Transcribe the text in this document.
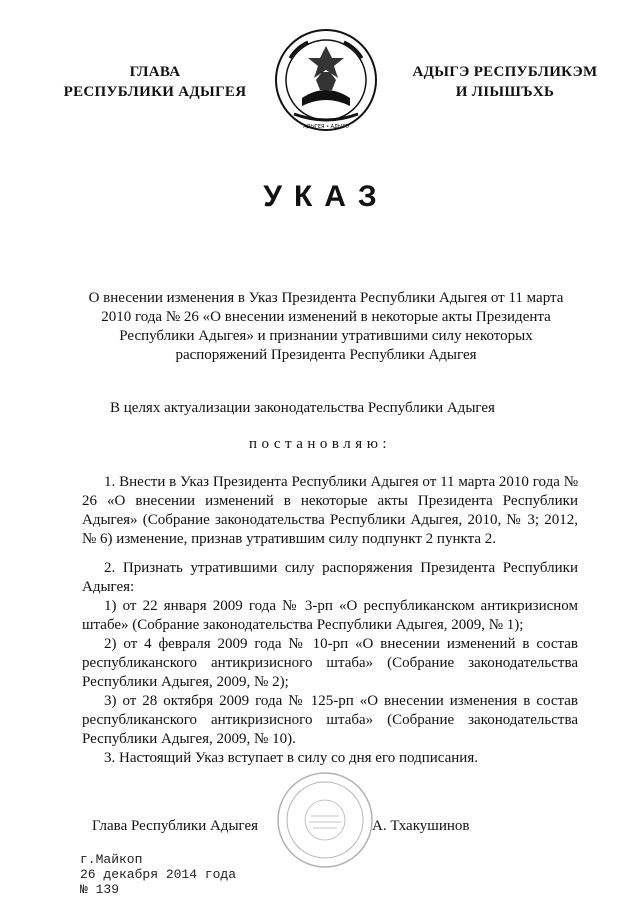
ГЛАВА
РЕСПУБЛИКИ АДЫГЕЯ
АДЫГЕЯ • АДЫГЭ
АДЫГЭ РЕСПУБЛИКЭМ
И ЛІЫШЪХЬ
УКАЗ
О внесении изменения в Указ Президента Республики Адыгея от 11 марта 2010 года № 26 «О внесении изменений в некоторые акты Президента Республики Адыгея» и признании утратившими силу некоторых распоряжений Президента Республики Адыгея
В целях актуализации законодательства Республики Адыгея
постановляю:

1. Внести в Указ Президента Республики Адыгея от 11 марта 2010 года № 26 «О внесении изменений в некоторые акты Президента Республики Адыгея» (Собрание законодательства Республики Адыгея, 2010, № 3; 2012, № 6) изменение, признав утратившим силу подпункт 2 пункта 2.

2. Признать утратившими силу распоряжения Президента Республики Адыгея:

1) от 22 января 2009 года № 3-рп «О республиканском антикризисном штабе» (Собрание законодательства Республики Адыгея, 2009, № 1);

2) от 4 февраля 2009 года № 10-рп «О внесении изменений в состав республиканского антикризисного штаба» (Собрание законодательства Республики Адыгея, 2009, № 2);

3) от 28 октября 2009 года № 125-рп «О внесении изменения в состав республиканского антикризисного штаба» (Собрание законодательства Республики Адыгея, 2009, № 10).

3. Настоящий Указ вступает в силу со дня его подписания.

Глава Республики Адыгея	А. Тхакушинов
г.Майкоп
26 декабря 2014 года
№ 139
